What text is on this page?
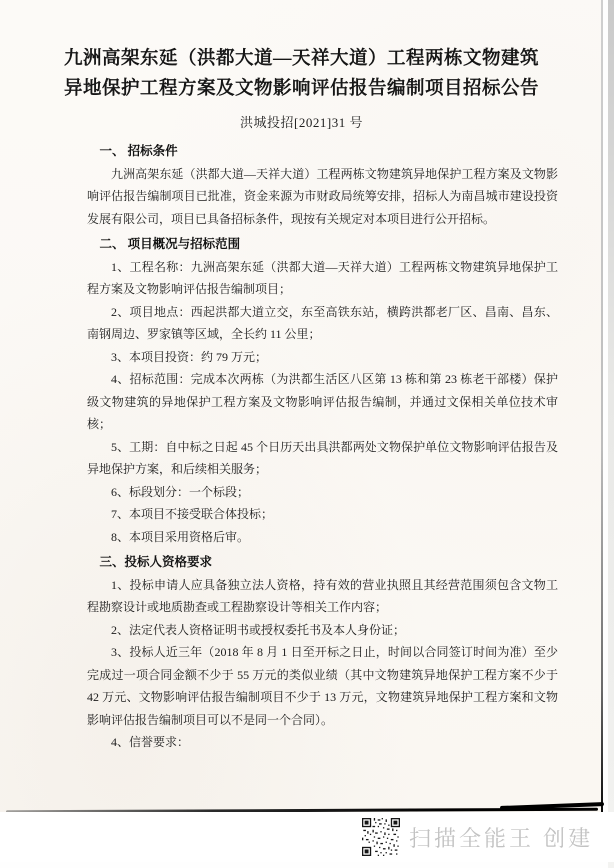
九洲高架东延（洪都大道—天祥大道）工程两栋文物建筑
异地保护工程方案及文物影响评估报告编制项目招标公告
洪城投招[2021]31 号

一、 招标条件

九洲高架东延（洪都大道—天祥大道）工程两栋文物建筑异地保护工程方案及文物影响评估报告编制项目已批准，资金来源为市财政局统筹安排，招标人为南昌城市建设投资发展有限公司，项目已具备招标条件，现按有关规定对本项目进行公开招标。

二、 项目概况与招标范围

1、工程名称：九洲高架东延（洪都大道—天祥大道）工程两栋文物建筑异地保护工程方案及文物影响评估报告编制项目；

2、项目地点：西起洪都大道立交，东至高铁东站，横跨洪都老厂区、昌南、昌东、南钢周边、罗家镇等区域，全长约 11 公里；

3、本项目投资：约 79 万元；

4、招标范围：完成本次两栋（为洪都生活区八区第 13 栋和第 23 栋老干部楼）保护级文物建筑的异地保护工程方案及文物影响评估报告编制，并通过文保相关单位技术审核；

5、工期：自中标之日起 45 个日历天出具洪都两处文物保护单位文物影响评估报告及异地保护方案，和后续相关服务；

6、标段划分：一个标段；

7、本项目不接受联合体投标；

8、本项目采用资格后审。

三、投标人资格要求

1、投标申请人应具备独立法人资格，持有效的营业执照且其经营范围须包含文物工程勘察设计或地质勘查或工程勘察设计等相关工作内容；

2、法定代表人资格证明书或授权委托书及本人身份证；

3、投标人近三年（2018 年 8 月 1 日至开标之日止，时间以合同签订时间为准）至少完成过一项合同金额不少于 55 万元的类似业绩（其中文物建筑异地保护工程方案不少于 42 万元、文物影响评估报告编制项目不少于 13 万元，文物建筑异地保护工程方案和文物影响评估报告编制项目可以不是同一个合同）。

4、信誉要求：

扫描全能王 创建
